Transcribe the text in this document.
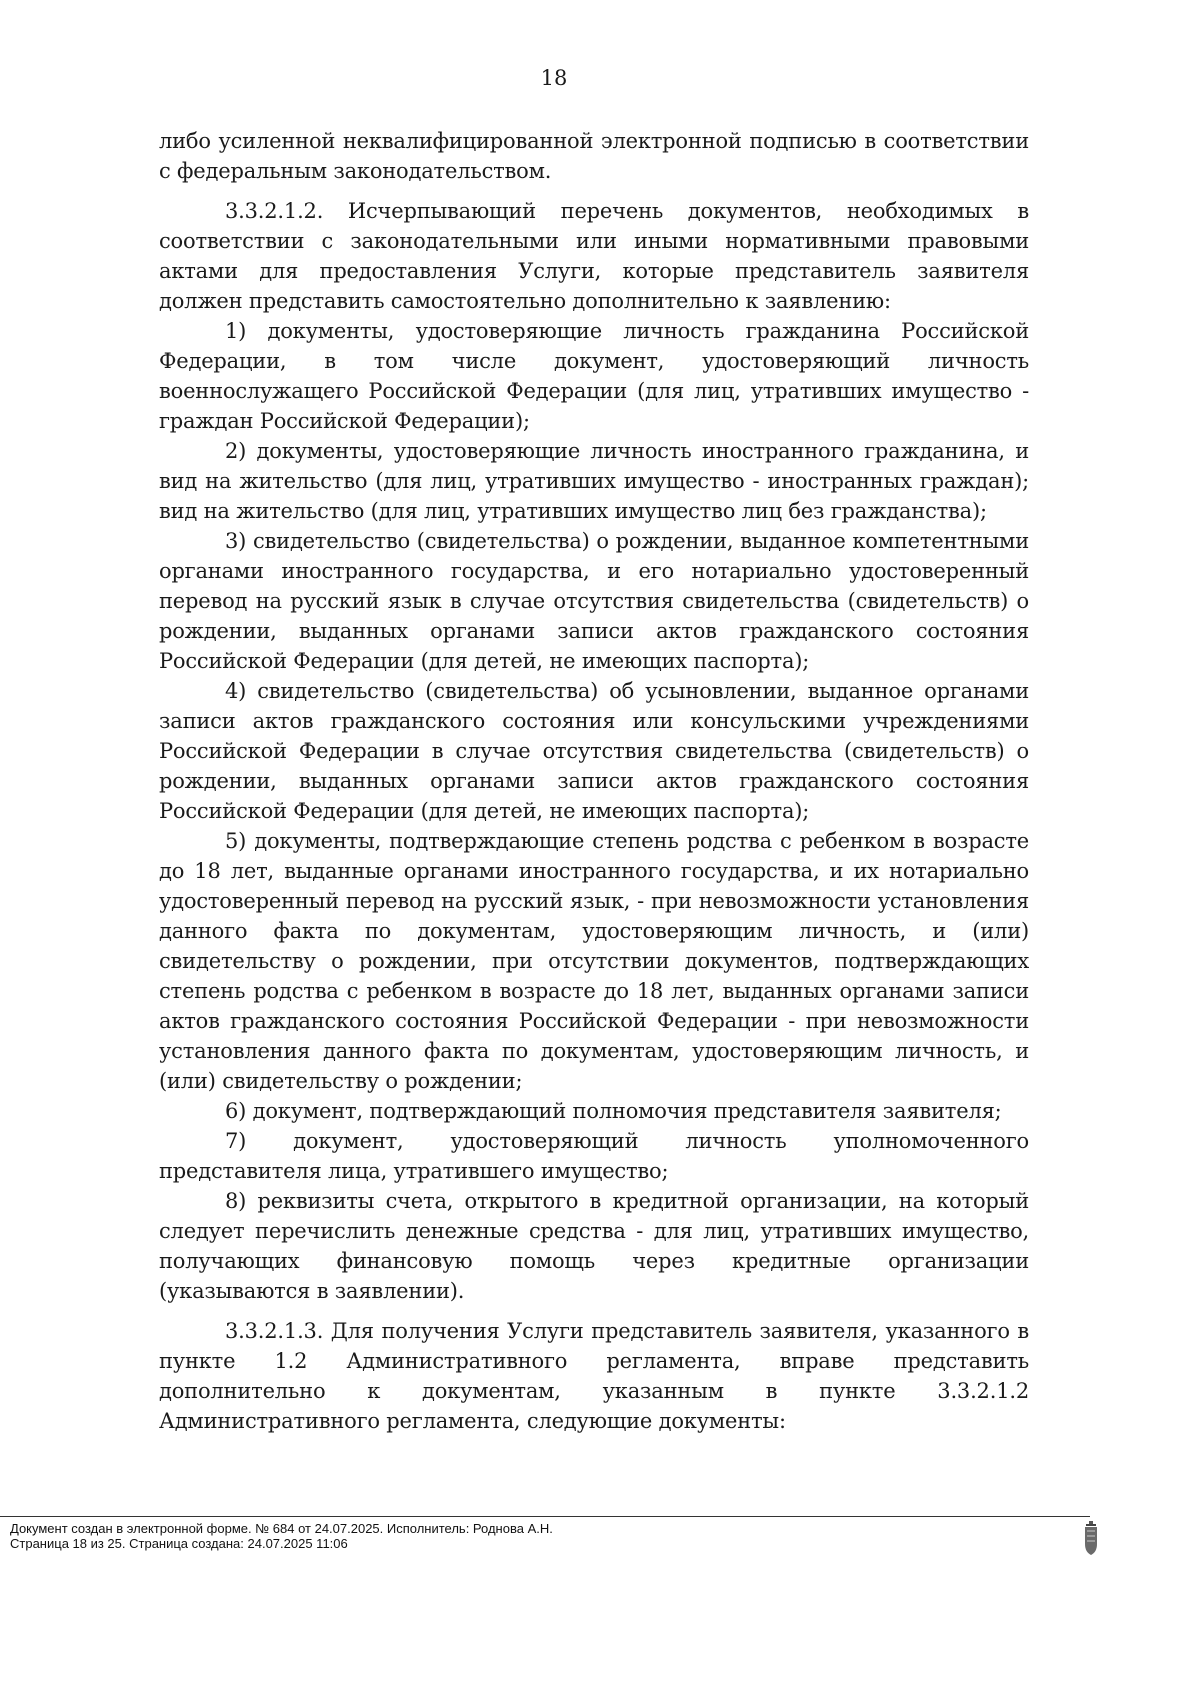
18

либо усиленной неквалифицированной электронной подписью в соответствии с федеральным законодательством.

3.3.2.1.2. Исчерпывающий перечень документов, необходимых в соответствии с законодательными или иными нормативными правовыми актами для предоставления Услуги, которые представитель заявителя должен представить самостоятельно дополнительно к заявлению:

1) документы, удостоверяющие личность гражданина Российской Федерации, в том числе документ, удостоверяющий личность военнослужащего Российской Федерации (для лиц, утративших имущество - граждан Российской Федерации);

2) документы, удостоверяющие личность иностранного гражданина, и вид на жительство (для лиц, утративших имущество - иностранных граждан); вид на жительство (для лиц, утративших имущество лиц без гражданства);

3) свидетельство (свидетельства) о рождении, выданное компетентными органами иностранного государства, и его нотариально удостоверенный перевод на русский язык в случае отсутствия свидетельства (свидетельств) о рождении, выданных органами записи актов гражданского состояния Российской Федерации (для детей, не имеющих паспорта);

4) свидетельство (свидетельства) об усыновлении, выданное органами записи актов гражданского состояния или консульскими учреждениями Российской Федерации в случае отсутствия свидетельства (свидетельств) о рождении, выданных органами записи актов гражданского состояния Российской Федерации (для детей, не имеющих паспорта);

5) документы, подтверждающие степень родства с ребенком в возрасте до 18 лет, выданные органами иностранного государства, и их нотариально удостоверенный перевод на русский язык, - при невозможности установления данного факта по документам, удостоверяющим личность, и (или) свидетельству о рождении, при отсутствии документов, подтверждающих степень родства с ребенком в возрасте до 18 лет, выданных органами записи актов гражданского состояния Российской Федерации - при невозможности установления данного факта по документам, удостоверяющим личность, и (или) свидетельству о рождении;

6) документ, подтверждающий полномочия представителя заявителя;

7) документ, удостоверяющий личность уполномоченного представителя лица, утратившего имущество;

8) реквизиты счета, открытого в кредитной организации, на который следует перечислить денежные средства - для лиц, утративших имущество, получающих финансовую помощь через кредитные организации (указываются в заявлении).

3.3.2.1.3. Для получения Услуги представитель заявителя, указанного в пункте 1.2 Административного регламента, вправе представить дополнительно к документам, указанным в пункте 3.3.2.1.2 Административного регламента, следующие документы:

Документ создан в электронной форме. № 684 от 24.07.2025. Исполнитель: Роднова А.Н.
Страница 18 из 25. Страница создана: 24.07.2025 11:06
